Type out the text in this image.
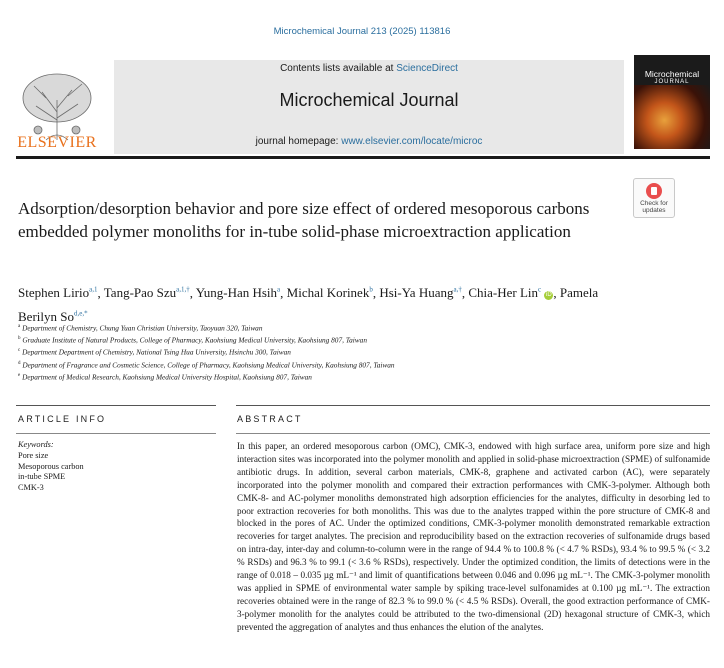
Microchemical Journal 213 (2025) 113816
ELSEVIER
Contents lists available at ScienceDirect
Microchemical Journal
journal homepage: www.elsevier.com/locate/microc
Microchemical
JOURNAL
Check for
updates
Adsorption/desorption behavior and pore size effect of ordered mesoporous carbons embedded polymer monoliths for in-tube solid-phase microextraction application
Stephen Lirio$^{a,1}$, Tang-Pao Szu$^{a,1,\dagger}$, Yung-Han Hsih$^a$, Michal Korinek$^b$, Hsi-Ya Huang$^{a,\dagger}$, Chia-Her Lin$^c$ iD , Pamela Berilyn $So^{d,e,*}$
$^a$ Department of Chemistry, Chung Yuan Christian University, Taoyuan 320, Taiwan
$^b$ Graduate Institute of Natural Products, College of Pharmacy, Kaohsiung Medical University, Kaohsiung 807, Taiwan
$^c$ Department Department of Chemistry, National Tsing Hua University, Hsinchu 300, Taiwan
$^d$ Department of Fragrance and Cosmetic Science, College of Pharmacy, Kaohsiung Medical University, Kaohsiung 807, Taiwan
$^e$ Department of Medical Research, Kaohsiung Medical University Hospital, Kaohsiung 807, Taiwan
ARTICLE INFO	ABSTRACT
Keywords:
Pore size
Mesoporous carbon
in-tube SPME
CMK-3
In this paper, an ordered mesoporous carbon (OMC), CMK-3, endowed with high surface area, uniform pore size and high interaction sites was incorporated into the polymer monolith and applied in solid-phase microextraction (SPME) of sulfonamide antibiotic drugs. In addition, several carbon materials, CMK-8, graphene and activated carbon (AC), were separately incorporated into the polymer monolith and compared their extraction performances with CMK-3-polymer. Although both CMK-8- and AC-polymer monoliths demonstrated high adsorption efficiencies for the analytes, difficulty in desorbing led to poor extraction recoveries for both monoliths. This was due to the analytes trapped within the pore structure of CMK-8 and blocked in the pores of AC. Under the optimized conditions, CMK-3-polymer monolith demonstrated remarkable extraction recoveries for target analytes. The precision and reproducibility based on the extraction recoveries of sulfonamide drugs based on intra-day, inter-day and column-to-column were in the range of 94.4 % to 100.8 % (< 4.7 % RSDs), 93.4 % to 99.5 % (< 3.2 % RSDs) and 96.3 % to 99.1 (< 3.6 % RSDs), respectively. Under the optimized condition, the limits of detections were in the range of 0.018 – 0.035 µg mL⁻¹ and limit of quantifications between 0.046 and 0.096 µg mL⁻¹. The CMK-3-polymer monolith was applied in SPME of environmental water sample by spiking trace-level sulfonamides at 0.100 µg mL⁻¹. The extraction recoveries obtained were in the range of 82.3 % to 99.0 % (< 4.5 % RSDs). Overall, the good extraction performance of CMK-3-polymer monolith for the analytes could be attributed to the two-dimensional (2D) hexagonal structure of CMK-3, which prevented the aggregation of analytes and thus enhances the elution of the analytes.
